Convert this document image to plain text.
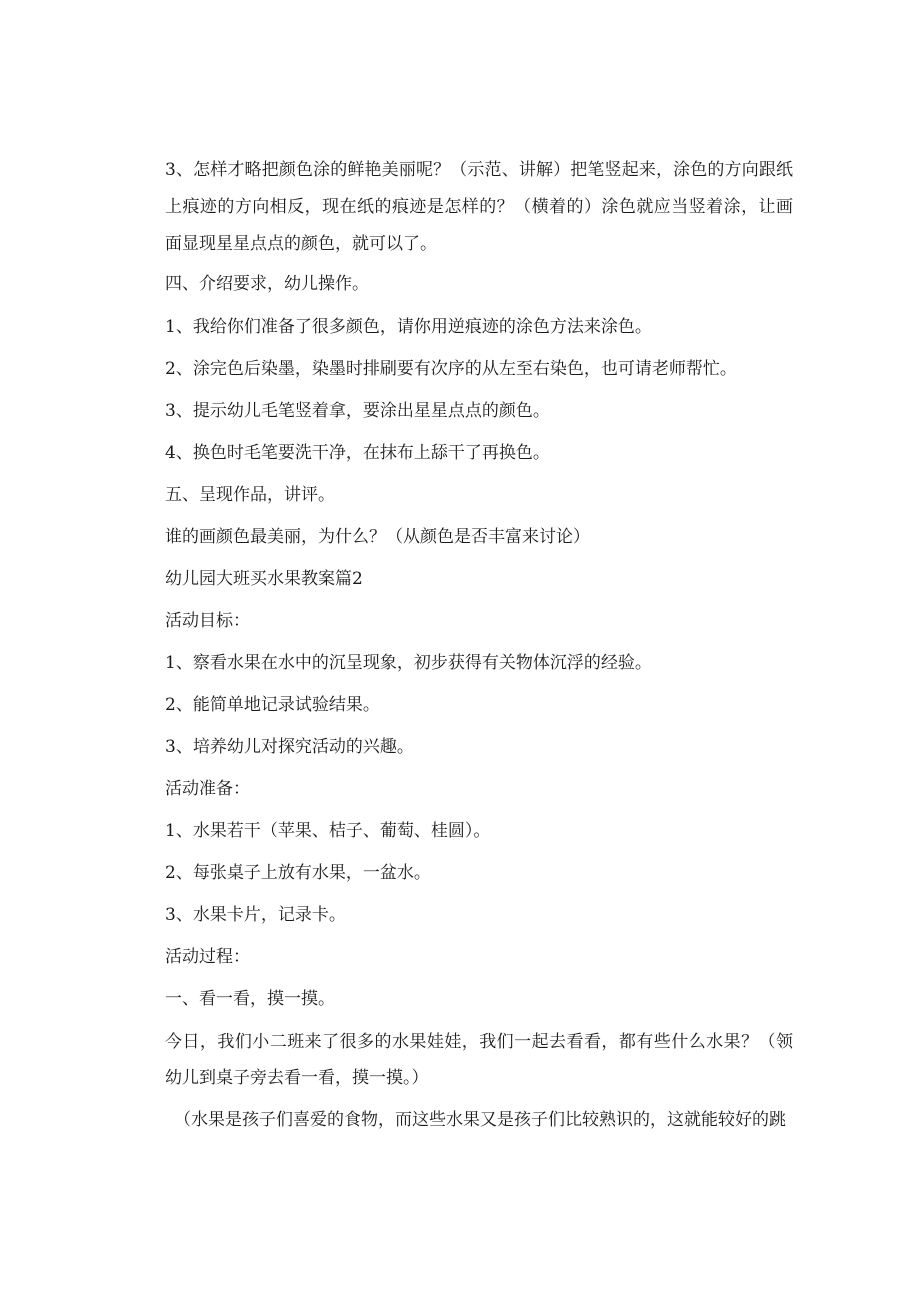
3、怎样才略把颜色涂的鲜艳美丽呢？（示范、讲解）把笔竖起来，涂色的方向跟纸上痕迹的方向相反，现在纸的痕迹是怎样的？（横着的）涂色就应当竖着涂，让画面显现星星点点的颜色，就可以了。

四、介绍要求，幼儿操作。

1、我给你们准备了很多颜色，请你用逆痕迹的涂色方法来涂色。

2、涂完色后染墨，染墨时排刷要有次序的从左至右染色，也可请老师帮忙。

3、提示幼儿毛笔竖着拿，要涂出星星点点的颜色。

4、换色时毛笔要洗干净，在抹布上舔干了再换色。

五、呈现作品，讲评。

谁的画颜色最美丽，为什么？（从颜色是否丰富来讨论）

幼儿园大班买水果教案篇2

活动目标：

1、察看水果在水中的沉呈现象，初步获得有关物体沉浮的经验。

2、能简单地记录试验结果。

3、培养幼儿对探究活动的兴趣。

活动准备：

1、水果若干（苹果、桔子、葡萄、桂圆）。

2、每张桌子上放有水果，一盆水。

3、水果卡片，记录卡。

活动过程：

一、看一看，摸一摸。

今日，我们小二班来了很多的水果娃娃，我们一起去看看，都有些什么水果？（领幼儿到桌子旁去看一看，摸一摸。）

（水果是孩子们喜爱的食物，而这些水果又是孩子们比较熟识的，这就能较好的跳
